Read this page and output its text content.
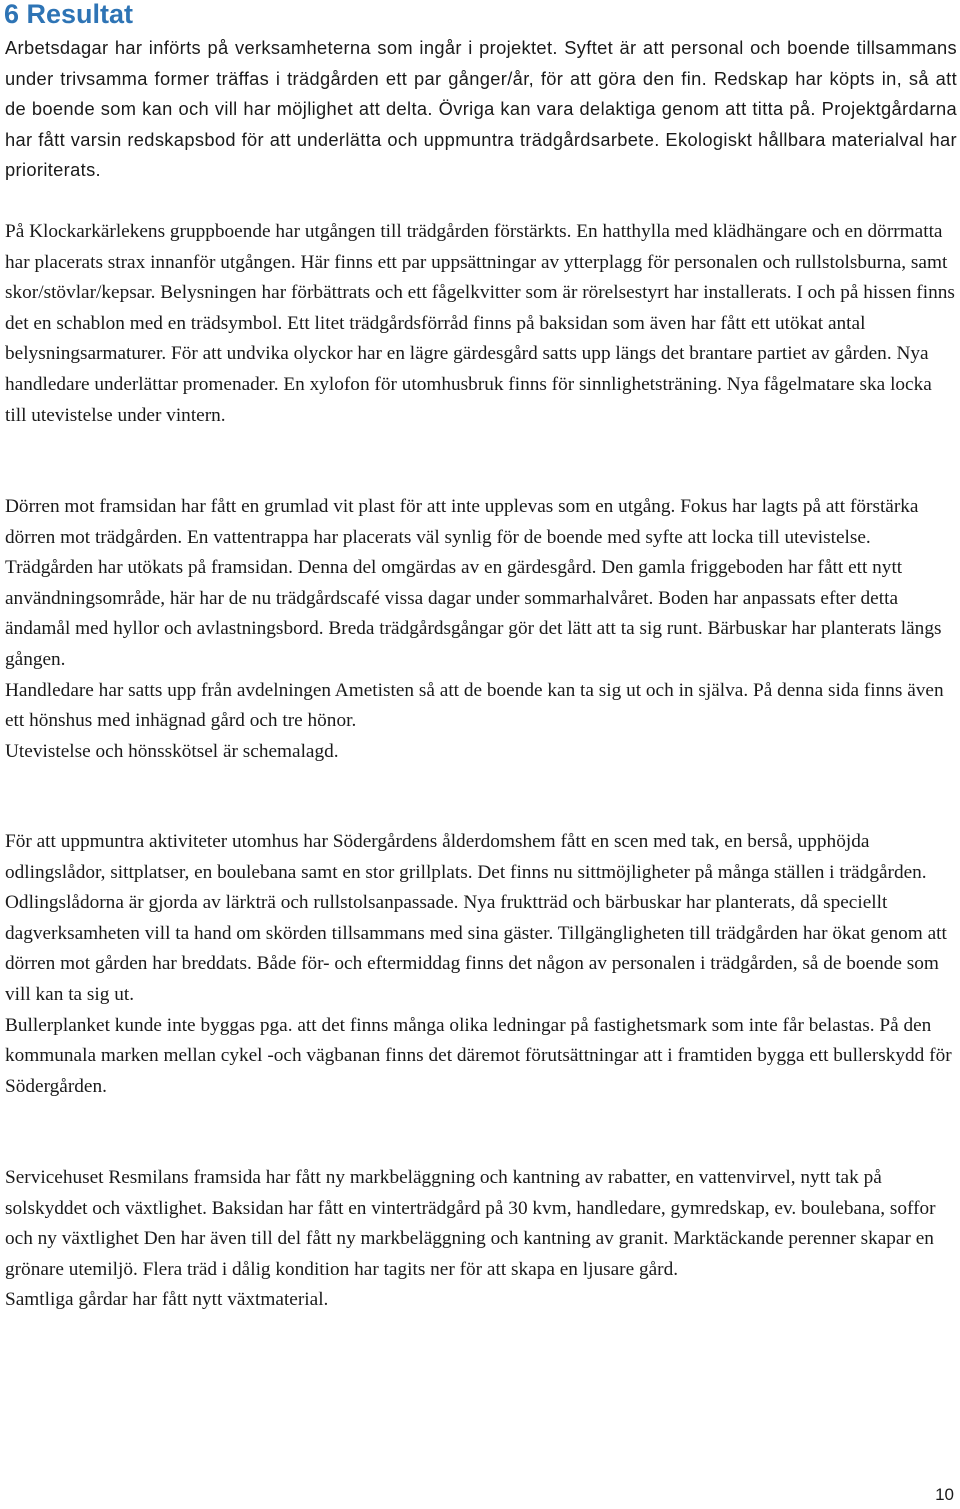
6 Resultat

Arbetsdagar har införts på verksamheterna som ingår i projektet. Syftet är att personal och boende tillsammans under trivsamma former träffas i trädgården ett par gånger/år, för att göra den fin. Redskap har köpts in, så att de boende som kan och vill har möjlighet att delta. Övriga kan vara delaktiga genom att titta på. Projektgårdarna har fått varsin redskapsbod för att underlätta och uppmuntra trädgårdsarbete. Ekologiskt hållbara materialval har prioriterats.

På Klockarkärlekens gruppboende har utgången till trädgården förstärkts. En hatthylla med klädhängare och en dörrmatta har placerats strax innanför utgången. Här finns ett par uppsättningar av ytterplagg för personalen och rullstolsburna, samt skor/stövlar/kepsar. Belysningen har förbättrats och ett fågelkvitter som är rörelsestyrt har installerats. I och på hissen finns det en schablon med en trädsymbol. Ett litet trädgårdsförråd finns på baksidan som även har fått ett utökat antal belysningsarmaturer. För att undvika olyckor har en lägre gärdesgård satts upp längs det brantare partiet av gården. Nya handledare underlättar promenader. En xylofon för utomhusbruk finns för sinnlighetsträning. Nya fågelmatare ska locka till utevistelse under vintern.

Dörren mot framsidan har fått en grumlad vit plast för att inte upplevas som en utgång. Fokus har lagts på att förstärka dörren mot trädgården. En vattentrappa har placerats väl synlig för de boende med syfte att locka till utevistelse.

Trädgården har utökats på framsidan. Denna del omgärdas av en gärdesgård. Den gamla friggeboden har fått ett nytt användningsområde, här har de nu trädgårdscafé vissa dagar under sommarhalvåret. Boden har anpassats efter detta ändamål med hyllor och avlastningsbord. Breda trädgårdsgångar gör det lätt att ta sig runt. Bärbuskar har planterats längs gången.

Handledare har satts upp från avdelningen Ametisten så att de boende kan ta sig ut och in själva. På denna sida finns även ett hönshus med inhägnad gård och tre hönor.

Utevistelse och hönsskötsel är schemalagd.

För att uppmuntra aktiviteter utomhus har Södergårdens ålderdomshem fått en scen med tak, en berså, upphöjda odlingslådor, sittplatser, en boulebana samt en stor grillplats. Det finns nu sittmöjligheter på många ställen i trädgården.

Odlingslådorna är gjorda av lärkträ och rullstolsanpassade. Nya fruktträd och bärbuskar har planterats, då speciellt dagverksamheten vill ta hand om skörden tillsammans med sina gäster. Tillgängligheten till trädgården har ökat genom att dörren mot gården har breddats. Både för- och eftermiddag finns det någon av personalen i trädgården, så de boende som vill kan ta sig ut.

Bullerplanket kunde inte byggas pga. att det finns många olika ledningar på fastighetsmark som inte får belastas. På den kommunala marken mellan cykel -och vägbanan finns det däremot förutsättningar att i framtiden bygga ett bullerskydd för Södergården.

Servicehuset Resmilans framsida har fått ny markbeläggning och kantning av rabatter, en vattenvirvel, nytt tak på solskyddet och växtlighet. Baksidan har fått en vinterträdgård på 30 kvm, handledare, gymredskap, ev. boulebana, soffor och ny växtlighet Den har även till del fått ny markbeläggning och kantning av granit. Marktäckande perenner skapar en grönare utemiljö. Flera träd i dålig kondition har tagits ner för att skapa en ljusare gård.

Samtliga gårdar har fått nytt växtmaterial.

10
